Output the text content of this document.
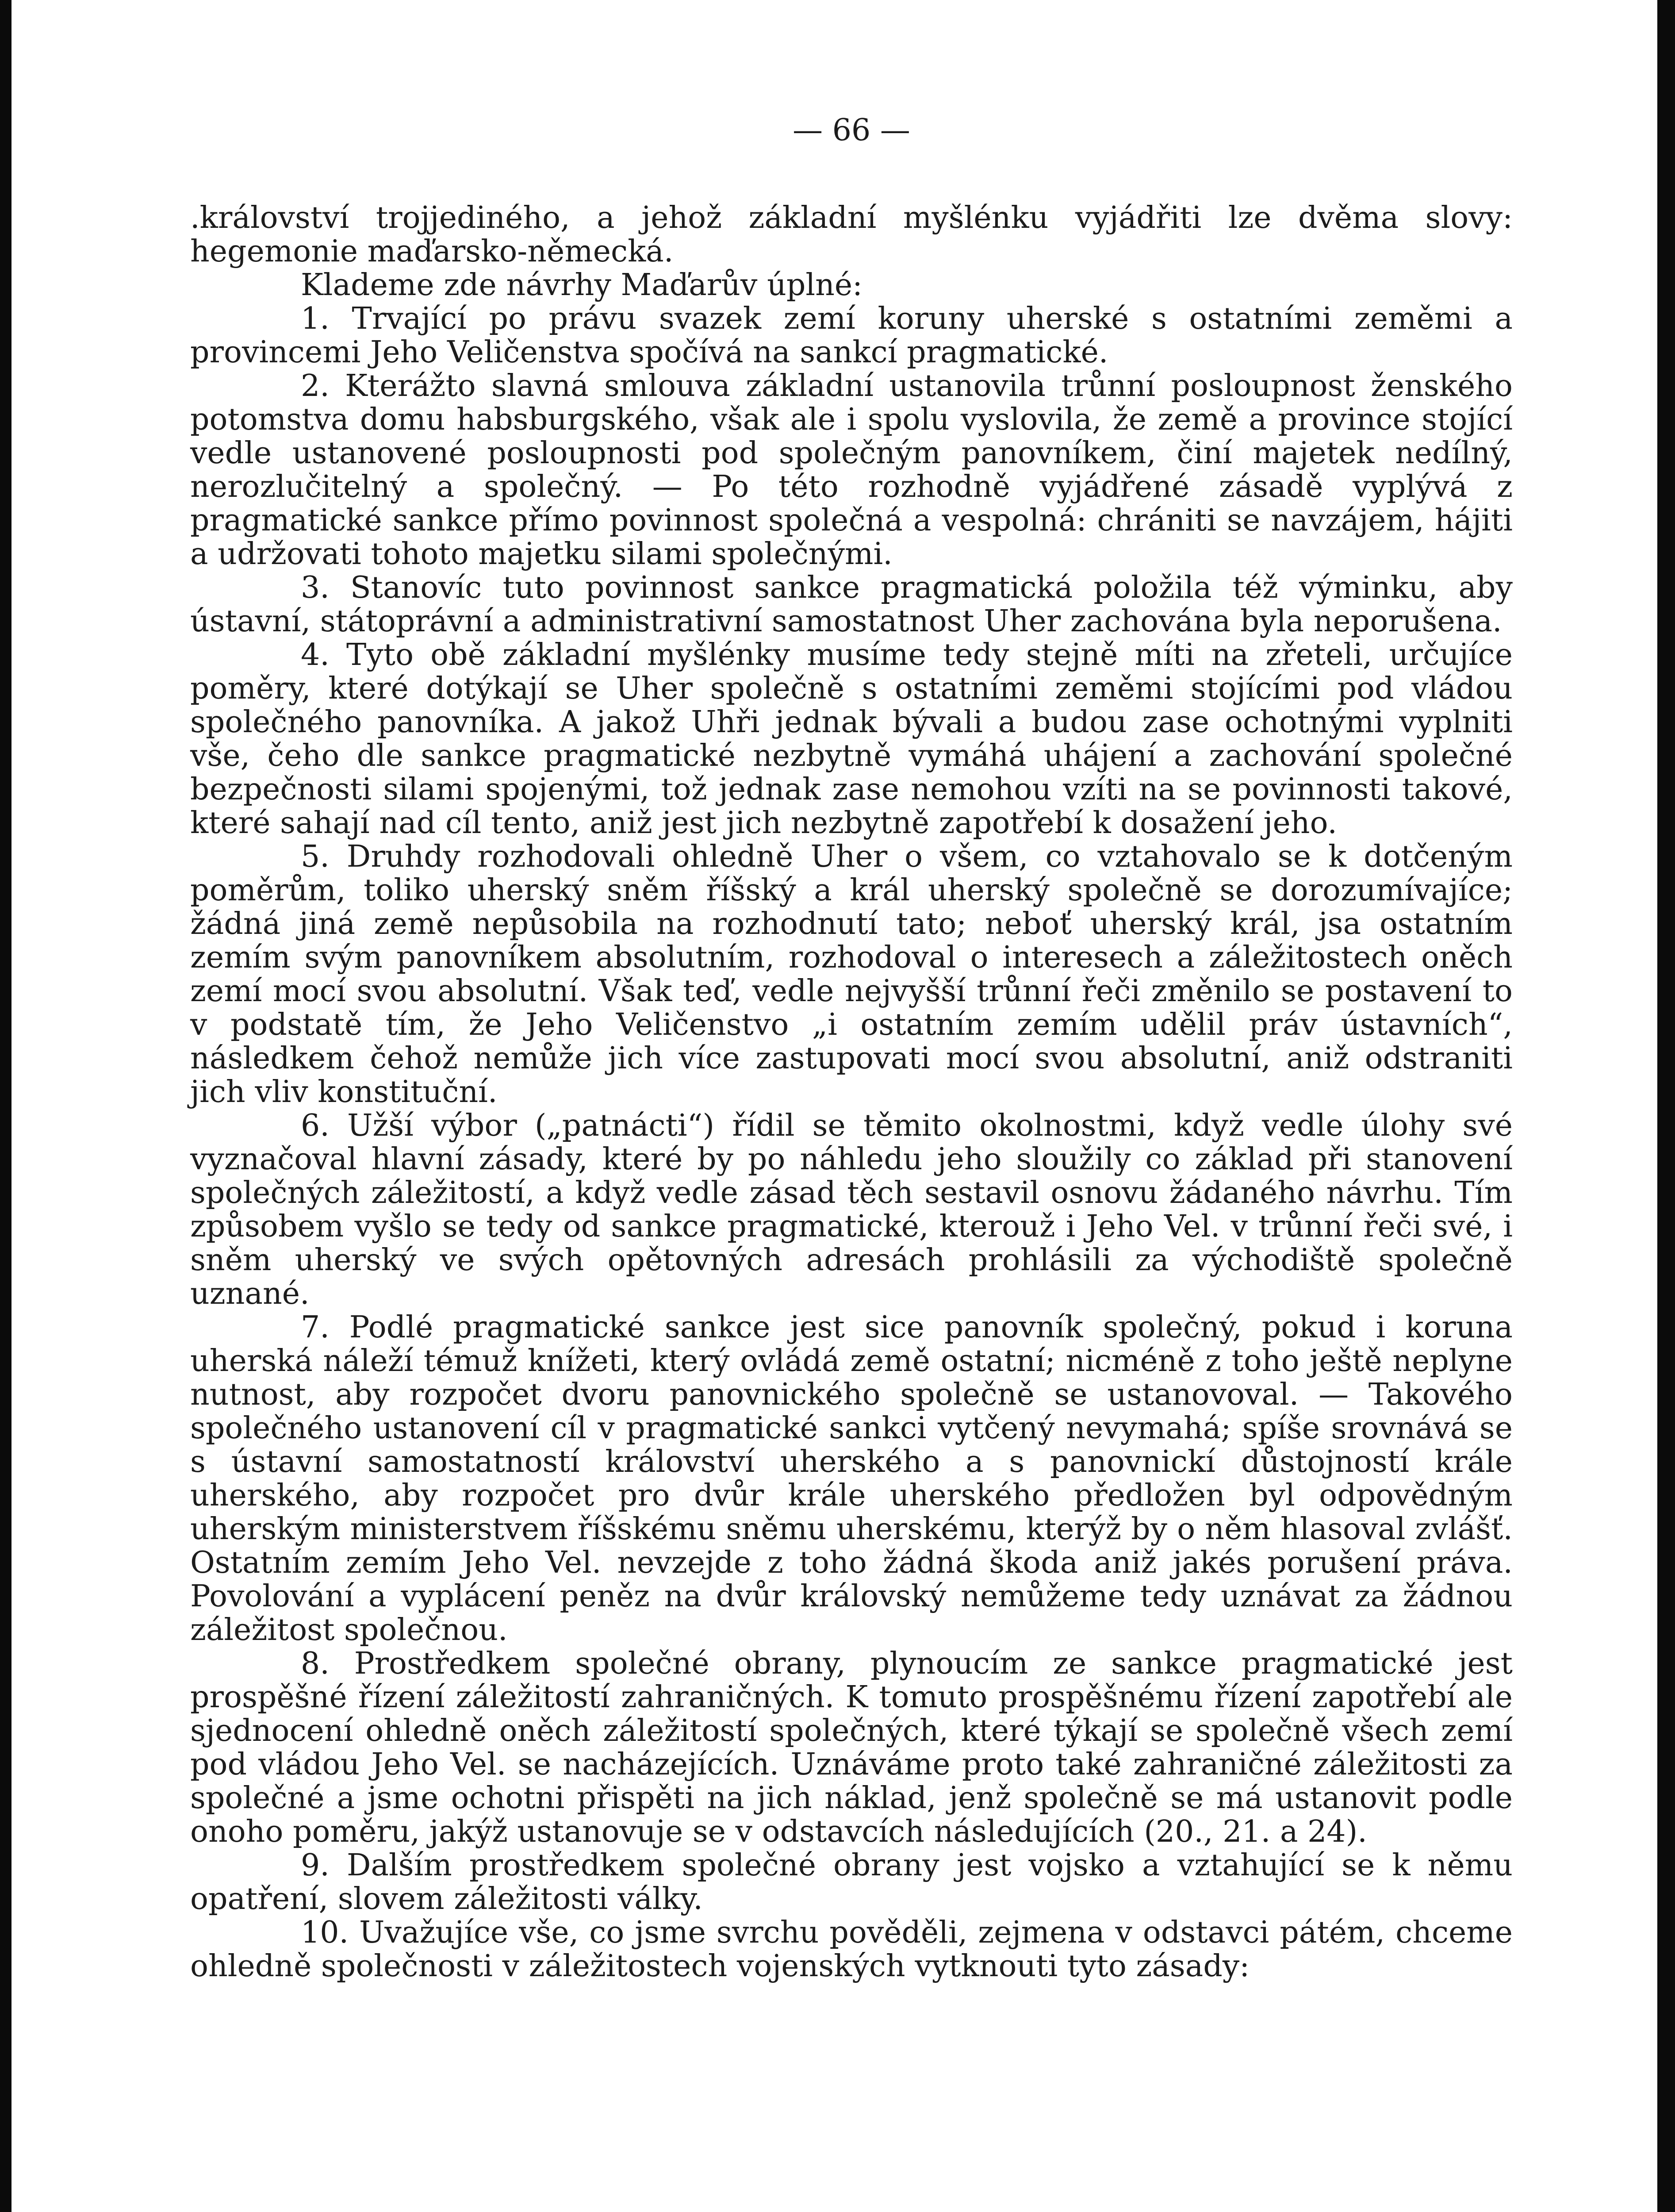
— 66 —

.království trojjediného, a jehož základní myšlénku vyjádřiti lze dvěma slovy: hegemonie maďarsko-německá.

Klademe zde návrhy Maďarův úplné:

1. Trvající po právu svazek zemí koruny uherské s ostatními zeměmi a provincemi Jeho Veličenstva spočívá na sankcí pragmatické.

2. Kterážto slavná smlouva základní ustanovila trůnní posloupnost ženského potomstva domu habsburgského, však ale i spolu vyslovila, že země a province stojící vedle ustanovené posloupnosti pod společným panovníkem, činí majetek nedílný, nerozlučitelný a společný. — Po této rozhodně vyjádřené zásadě vyplývá z pragmatické sankce přímo povinnost společná a vespolná: chrániti se navzájem, hájiti a udržovati tohoto majetku silami společnými.

3. Stanovíc tuto povinnost sankce pragmatická položila též výminku, aby ústavní, státoprávní a administrativní samostatnost Uher zachována byla neporušena.

4. Tyto obě základní myšlénky musíme tedy stejně míti na zřeteli, určujíce poměry, které dotýkají se Uher společně s ostatními zeměmi stojícími pod vládou společného panovníka. A jakož Uhři jednak bývali a budou zase ochotnými vyplniti vše, čeho dle sankce pragmatické nezbytně vymáhá uhájení a zachování společné bezpečnosti silami spojenými, tož jednak zase nemohou vzíti na se povinnosti takové, které sahají nad cíl tento, aniž jest jich nezbytně zapotřebí k dosažení jeho.

5. Druhdy rozhodovali ohledně Uher o všem, co vztahovalo se k dotčeným poměrům, toliko uherský sněm říšský a král uherský společně se dorozumívajíce; žádná jiná země nepůsobila na rozhodnutí tato; neboť uherský král, jsa ostatním zemím svým panovníkem absolutním, rozhodoval o interesech a záležitostech oněch zemí mocí svou absolutní. Však teď, vedle nejvyšší trůnní řeči změnilo se postavení to v podstatě tím, že Jeho Veličenstvo „i ostatním zemím udělil práv ústavních“, následkem čehož nemůže jich více zastupovati mocí svou absolutní, aniž odstraniti jich vliv konstituční.

6. Užší výbor („patnácti“) řídil se těmito okolnostmi, když vedle úlohy své vyznačoval hlavní zásady, které by po náhledu jeho sloužily co základ při stanovení společných záležitostí, a když vedle zásad těch sestavil osnovu žádaného návrhu. Tím způsobem vyšlo se tedy od sankce pragmatické, kterouž i Jeho Vel. v trůnní řeči své, i sněm uherský ve svých opětovných adresách prohlásili za východiště společně uznané.

7. Podlé pragmatické sankce jest sice panovník společný, pokud i koruna uherská náleží témuž knížeti, který ovládá země ostatní; nicméně z toho ještě neplyne nutnost, aby rozpočet dvoru panovnického společně se ustanovoval. — Takového společného ustanovení cíl v pragmatické sankci vytčený nevymahá; spíše srovnává se s ústavní samostatností království uherského a s panovnickí důstojností krále uherského, aby rozpočet pro dvůr krále uherského předložen byl odpovědným uherským ministerstvem říšskému sněmu uherskému, kterýž by o něm hlasoval zvlášť. Ostatním zemím Jeho Vel. nevzejde z toho žádná škoda aniž jakés porušení práva. Povolování a vyplácení peněz na dvůr královský nemůžeme tedy uznávat za žádnou záležitost společnou.

8. Prostředkem společné obrany, plynoucím ze sankce pragmatické jest prospěšné řízení záležitostí zahraničných. K tomuto prospěšnému řízení zapotřebí ale sjednocení ohledně oněch záležitostí společných, které týkají se společně všech zemí pod vládou Jeho Vel. se nacházejících. Uznáváme proto také zahraničné záležitosti za společné a jsme ochotni přispěti na jich náklad, jenž společně se má ustanovit podle onoho poměru, jakýž ustanovuje se v odstavcích následujících (20., 21. a 24).

9. Dalším prostředkem společné obrany jest vojsko a vztahující se k němu opatření, slovem záležitosti války.

10. Uvažujíce vše, co jsme svrchu pověděli, zejmena v odstavci pátém, chceme ohledně společnosti v záležitostech vojenských vytknouti tyto zásady:
